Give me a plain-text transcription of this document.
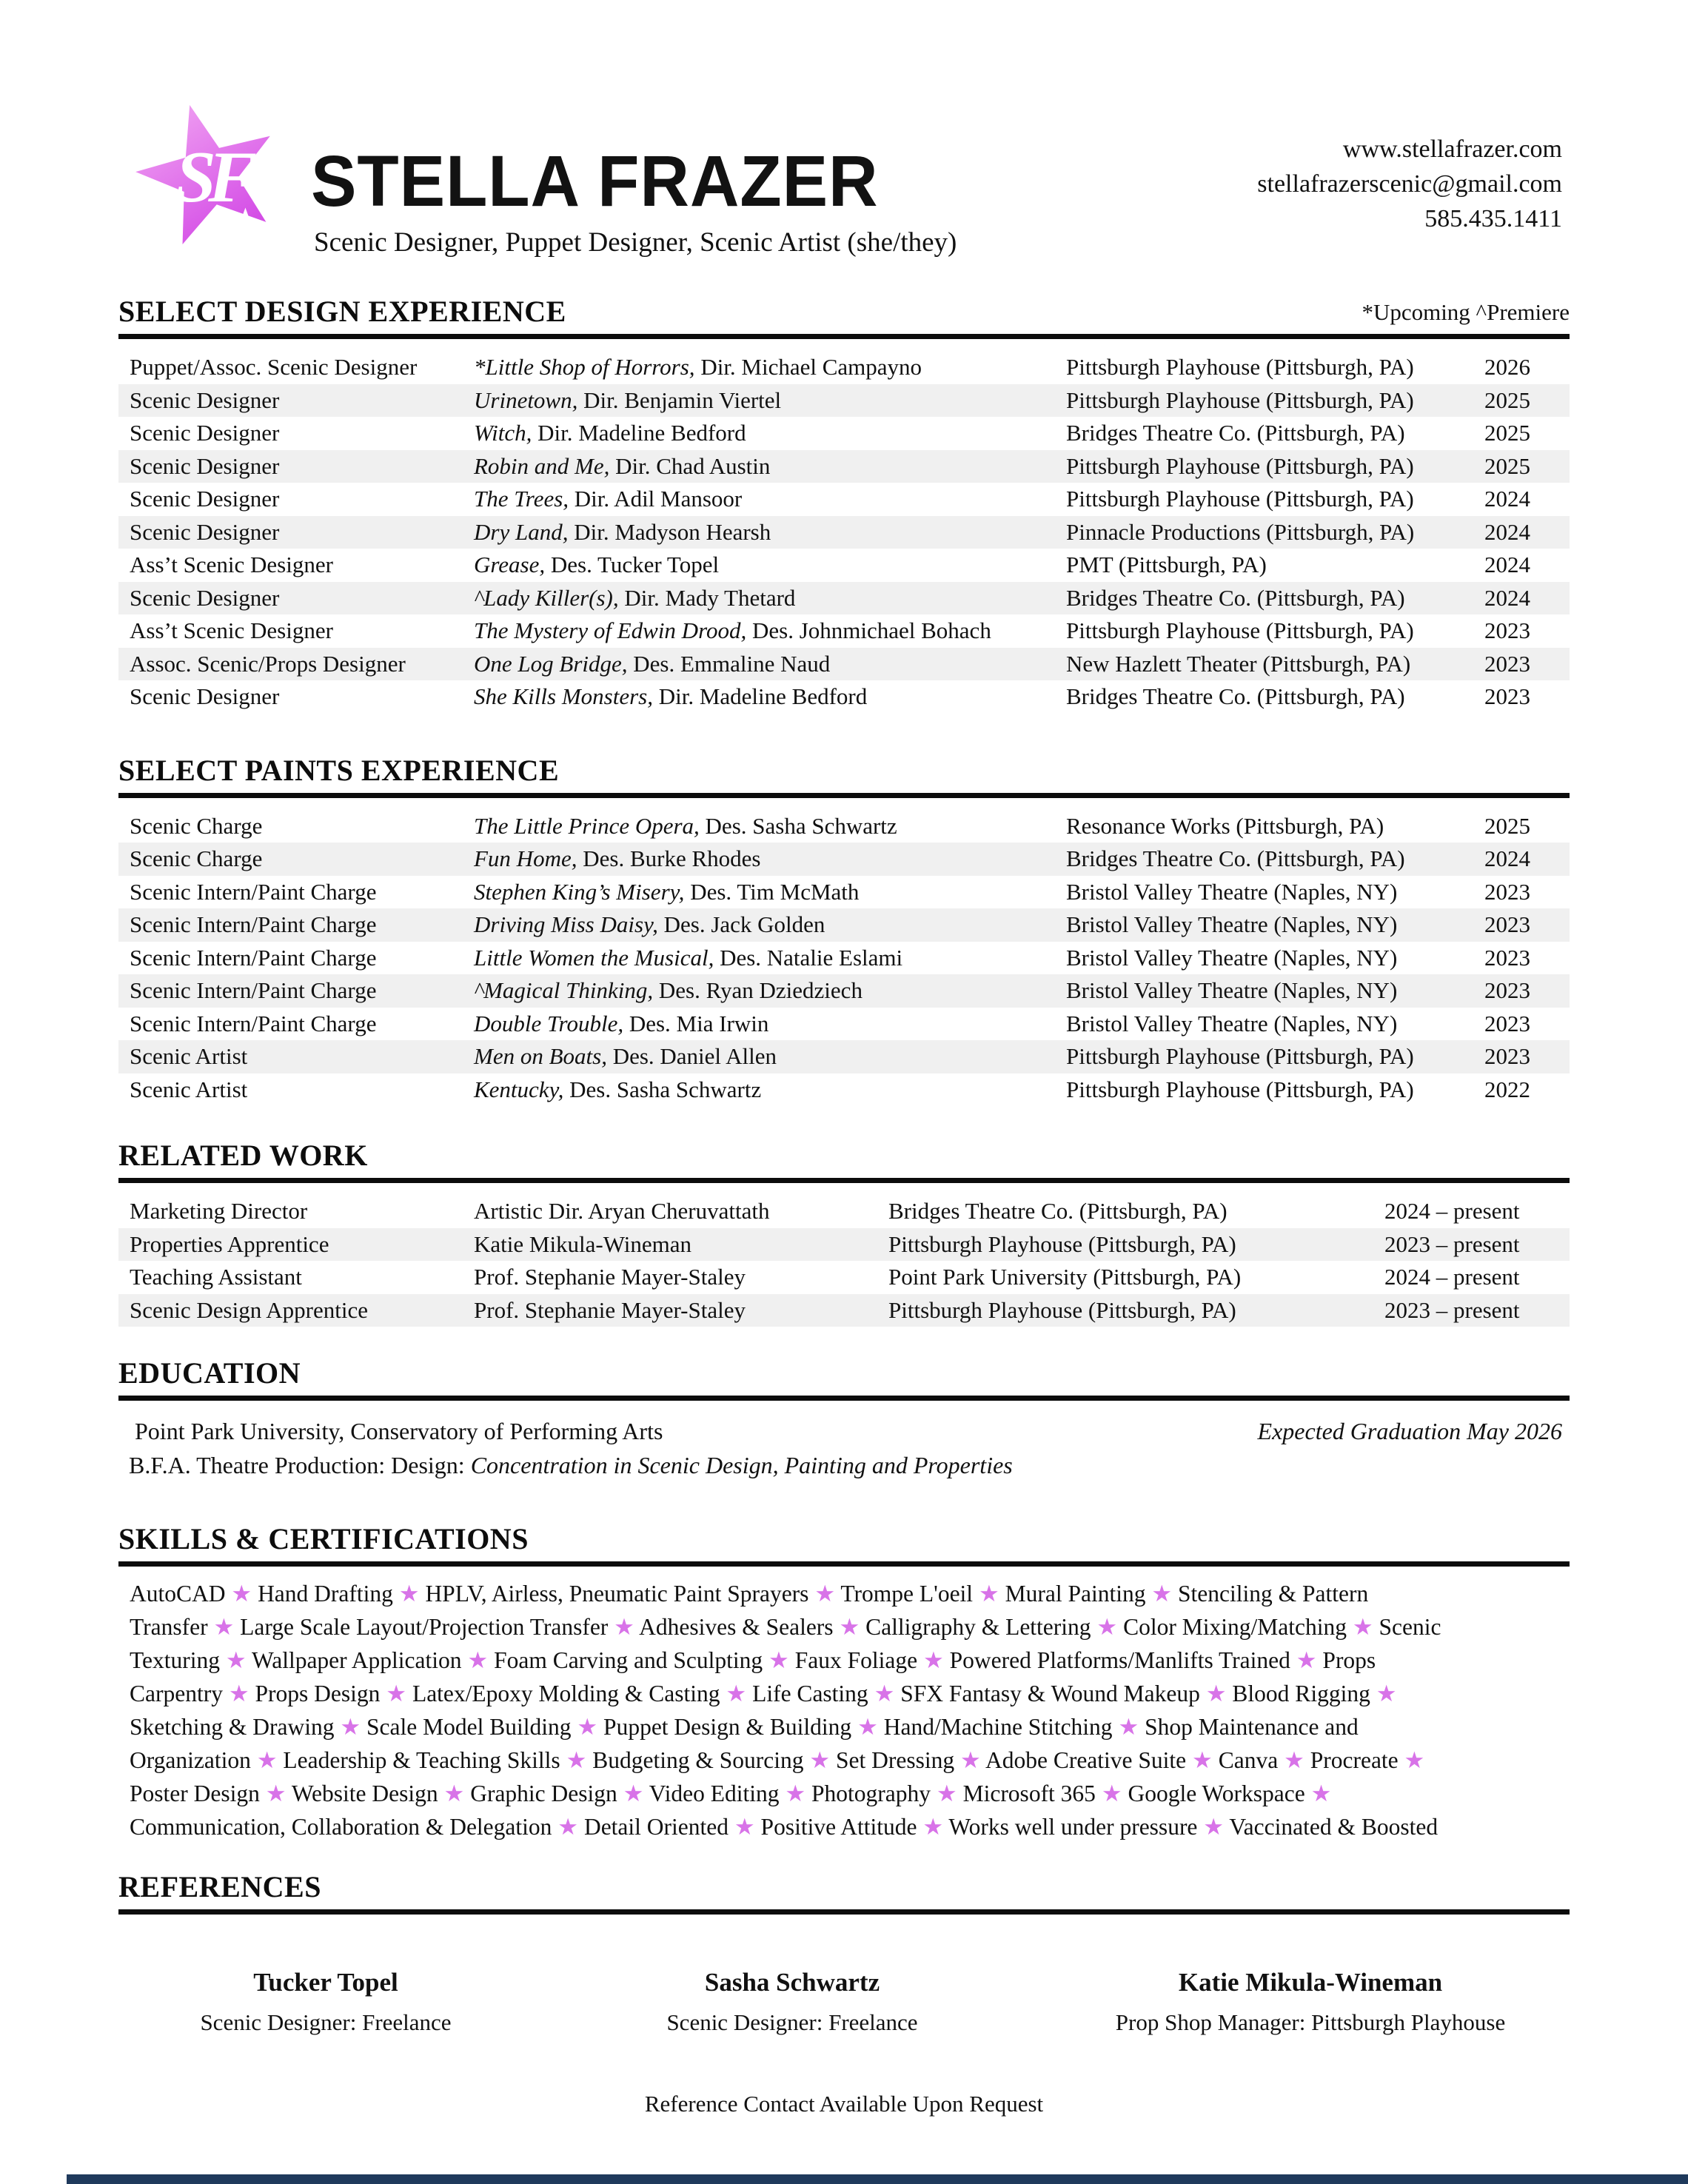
SF STELLA FRAZER
Scenic Designer, Puppet Designer, Scenic Artist (she/they)
www.stellafrazer.com
stellafrazerscenic@gmail.com
585.435.1411
SELECT DESIGN EXPERIENCE	*Upcoming ^Premiere
Puppet/Assoc. Scenic Designer	*Little Shop of Horrors, Dir. Michael Campayno	Pittsburgh Playhouse (Pittsburgh, PA)	2026
Scenic Designer	Urinetown, Dir. Benjamin Viertel	Pittsburgh Playhouse (Pittsburgh, PA)	2025
Scenic Designer	Witch, Dir. Madeline Bedford	Bridges Theatre Co. (Pittsburgh, PA)	2025
Scenic Designer	Robin and Me, Dir. Chad Austin	Pittsburgh Playhouse (Pittsburgh, PA)	2025
Scenic Designer	The Trees, Dir. Adil Mansoor	Pittsburgh Playhouse (Pittsburgh, PA)	2024
Scenic Designer	Dry Land, Dir. Madyson Hearsh	Pinnacle Productions (Pittsburgh, PA)	2024
Ass’t Scenic Designer	Grease, Des. Tucker Topel	PMT (Pittsburgh, PA)	2024
Scenic Designer	^Lady Killer(s), Dir. Mady Thetard	Bridges Theatre Co. (Pittsburgh, PA)	2024
Ass’t Scenic Designer	The Mystery of Edwin Drood, Des. Johnmichael Bohach	Pittsburgh Playhouse (Pittsburgh, PA)	2023
Assoc. Scenic/Props Designer	One Log Bridge, Des. Emmaline Naud	New Hazlett Theater (Pittsburgh, PA)	2023
Scenic Designer	She Kills Monsters, Dir. Madeline Bedford	Bridges Theatre Co. (Pittsburgh, PA)	2023
SELECT PAINTS EXPERIENCE
Scenic Charge	The Little Prince Opera, Des. Sasha Schwartz	Resonance Works (Pittsburgh, PA)	2025
Scenic Charge	Fun Home, Des. Burke Rhodes	Bridges Theatre Co. (Pittsburgh, PA)	2024
Scenic Intern/Paint Charge	Stephen King’s Misery, Des. Tim McMath	Bristol Valley Theatre (Naples, NY)	2023
Scenic Intern/Paint Charge	Driving Miss Daisy, Des. Jack Golden	Bristol Valley Theatre (Naples, NY)	2023
Scenic Intern/Paint Charge	Little Women the Musical, Des. Natalie Eslami	Bristol Valley Theatre (Naples, NY)	2023
Scenic Intern/Paint Charge	^Magical Thinking, Des. Ryan Dziedziech	Bristol Valley Theatre (Naples, NY)	2023
Scenic Intern/Paint Charge	Double Trouble, Des. Mia Irwin	Bristol Valley Theatre (Naples, NY)	2023
Scenic Artist	Men on Boats, Des. Daniel Allen	Pittsburgh Playhouse (Pittsburgh, PA)	2023
Scenic Artist	Kentucky, Des. Sasha Schwartz	Pittsburgh Playhouse (Pittsburgh, PA)	2022
RELATED WORK
Marketing Director	Artistic Dir. Aryan Cheruvattath	Bridges Theatre Co. (Pittsburgh, PA)	2024 – present
Properties Apprentice	Katie Mikula-Wineman	Pittsburgh Playhouse (Pittsburgh, PA)	2023 – present
Teaching Assistant	Prof. Stephanie Mayer-Staley	Point Park University (Pittsburgh, PA)	2024 – present
Scenic Design Apprentice	Prof. Stephanie Mayer-Staley	Pittsburgh Playhouse (Pittsburgh, PA)	2023 – present
EDUCATION
Point Park University, Conservatory of Performing Arts	Expected Graduation May 2026
B.F.A. Theatre Production: Design: Concentration in Scenic Design, Painting and Properties
SKILLS & CERTIFICATIONS
AutoCAD ★ Hand Drafting ★ HPLV, Airless, Pneumatic Paint Sprayers ★ Trompe L'oeil ★ Mural Painting ★ Stenciling & Pattern
Transfer ★ Large Scale Layout/Projection Transfer ★ Adhesives & Sealers ★ Calligraphy & Lettering ★ Color Mixing/Matching ★ Scenic
Texturing ★ Wallpaper Application ★ Foam Carving and Sculpting ★ Faux Foliage ★ Powered Platforms/Manlifts Trained ★ Props
Carpentry ★ Props Design ★ Latex/Epoxy Molding & Casting ★ Life Casting ★ SFX Fantasy & Wound Makeup ★ Blood Rigging ★
Sketching & Drawing ★ Scale Model Building ★ Puppet Design & Building ★ Hand/Machine Stitching ★ Shop Maintenance and
Organization ★ Leadership & Teaching Skills ★ Budgeting & Sourcing ★ Set Dressing ★ Adobe Creative Suite ★ Canva ★ Procreate ★
Poster Design ★ Website Design ★ Graphic Design ★ Video Editing ★ Photography ★ Microsoft 365 ★ Google Workspace ★
Communication, Collaboration & Delegation ★ Detail Oriented ★ Positive Attitude ★ Works well under pressure ★ Vaccinated & Boosted
REFERENCES
Tucker Topel
Scenic Designer: Freelance
Sasha Schwartz
Scenic Designer: Freelance
Katie Mikula-Wineman
Prop Shop Manager: Pittsburgh Playhouse
Reference Contact Available Upon Request
